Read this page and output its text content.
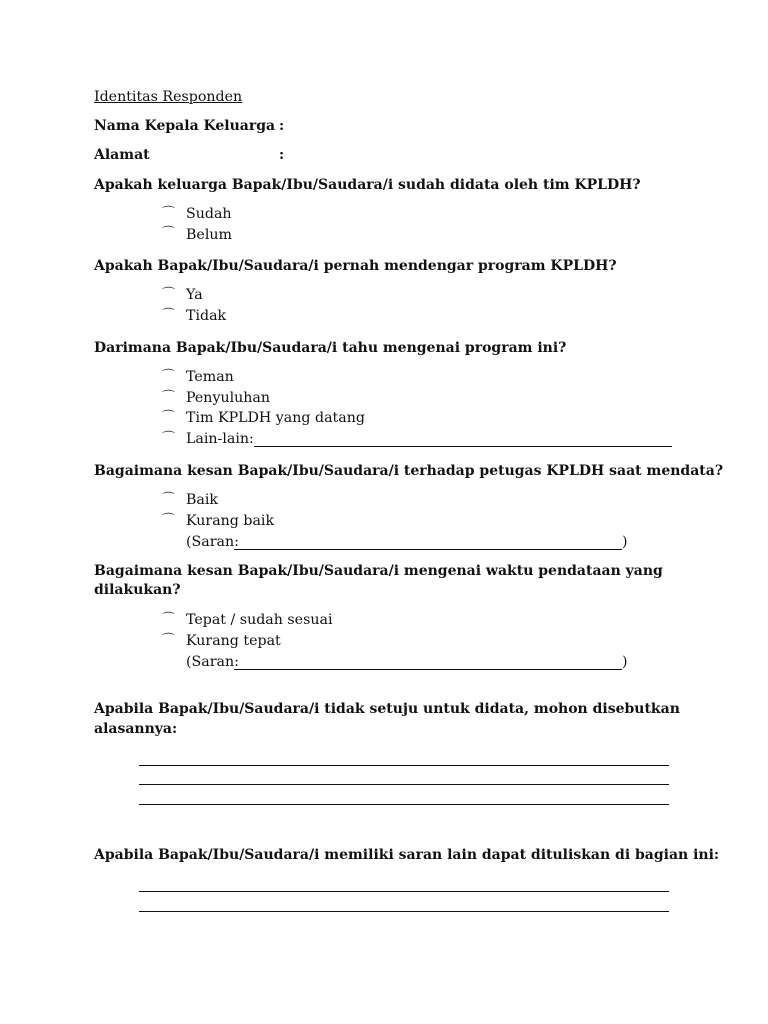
Identitas Responden
Nama Kepala Keluarga :
Alamat	:
Apakah keluarga Bapak/Ibu/Saudara/i sudah didata oleh tim KPLDH?
⌒ Sudah
⌒ Belum
Apakah Bapak/Ibu/Saudara/i pernah mendengar program KPLDH?
⌒ Ya
⌒ Tidak
Darimana Bapak/Ibu/Saudara/i tahu mengenai program ini?
⌒ Teman
⌒ Penyuluhan
⌒ Tim KPLDH yang datang
⌒ Lain-lain:
Bagaimana kesan Bapak/Ibu/Saudara/i terhadap petugas KPLDH saat mendata?
⌒ Baik
⌒ Kurang baik
(Saran:	)
Bagaimana kesan Bapak/Ibu/Saudara/i mengenai waktu pendataan yang
dilakukan?
⌒ Tepat / sudah sesuai
⌒ Kurang tepat
(Saran:	)
Apabila Bapak/Ibu/Saudara/i tidak setuju untuk didata, mohon disebutkan
alasannya:
Apabila Bapak/Ibu/Saudara/i memiliki saran lain dapat dituliskan di bagian ini:
